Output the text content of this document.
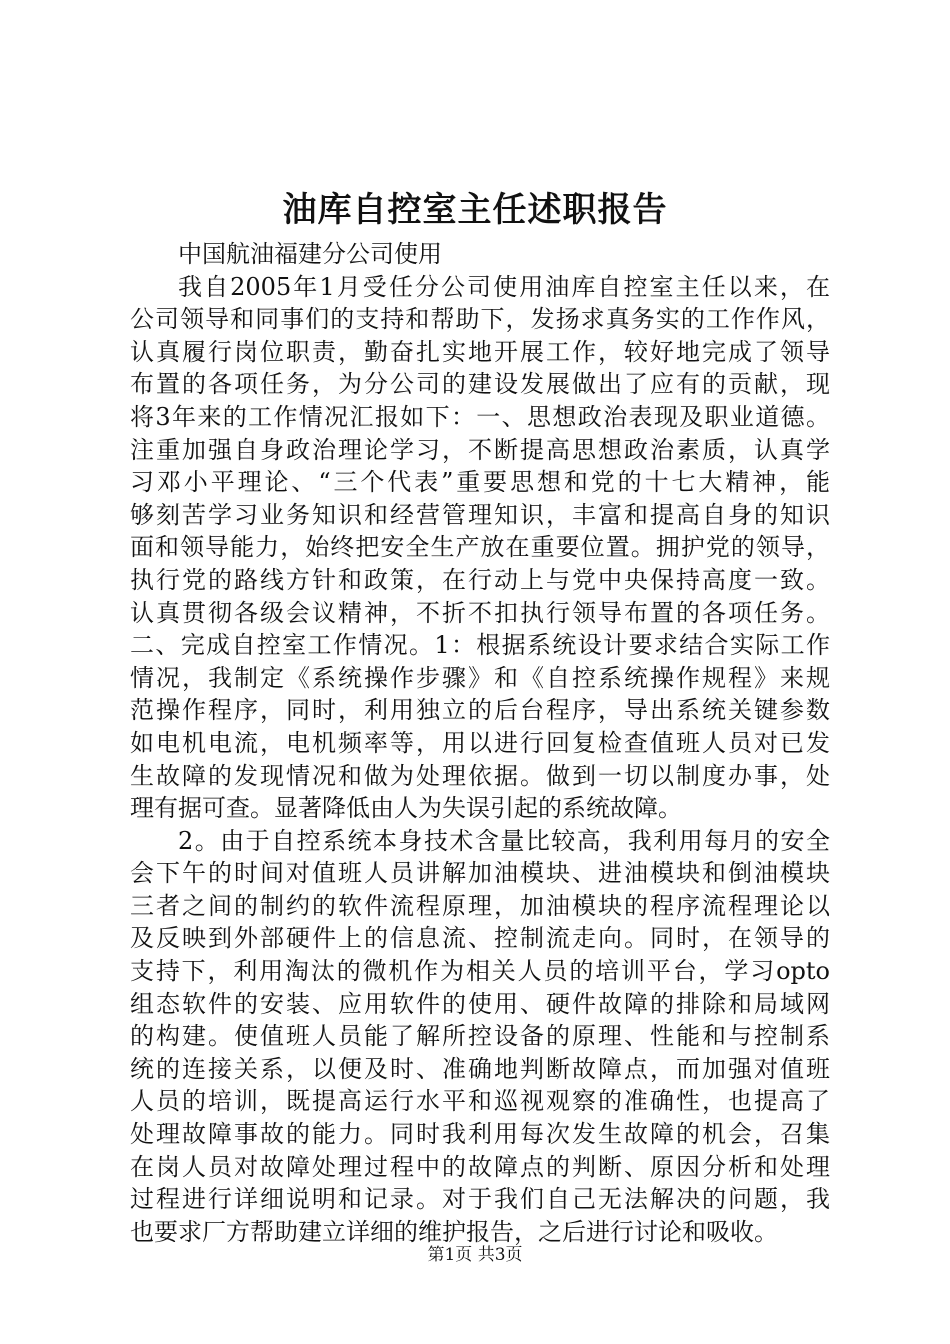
油库自控室主任述职报告
中国航油福建分公司使用
我自2005年1月受任分公司使用油库自控室主任以来，在
公司领导和同事们的支持和帮助下，发扬求真务实的工作作风，
认真履行岗位职责，勤奋扎实地开展工作，较好地完成了领导
布置的各项任务，为分公司的建设发展做出了应有的贡献，现
将3年来的工作情况汇报如下：一、思想政治表现及职业道德。
注重加强自身政治理论学习，不断提高思想政治素质，认真学
习邓小平理论、“三个代表”重要思想和党的十七大精神，能
够刻苦学习业务知识和经营管理知识，丰富和提高自身的知识
面和领导能力，始终把安全生产放在重要位置。拥护党的领导，
执行党的路线方针和政策，在行动上与党中央保持高度一致。
认真贯彻各级会议精神，不折不扣执行领导布置的各项任务。
二、完成自控室工作情况。1：根据系统设计要求结合实际工作
情况，我制定《系统操作步骤》和《自控系统操作规程》来规
范操作程序，同时，利用独立的后台程序，导出系统关键参数
如电机电流，电机频率等，用以进行回复检查值班人员对已发
生故障的发现情况和做为处理依据。做到一切以制度办事，处
理有据可查。显著降低由人为失误引起的系统故障。
2。由于自控系统本身技术含量比较高，我利用每月的安全
会下午的时间对值班人员讲解加油模块、进油模块和倒油模块
三者之间的制约的软件流程原理，加油模块的程序流程理论以
及反映到外部硬件上的信息流、控制流走向。同时，在领导的
支持下，利用淘汰的微机作为相关人员的培训平台，学习opto
组态软件的安装、应用软件的使用、硬件故障的排除和局域网
的构建。使值班人员能了解所控设备的原理、性能和与控制系
统的连接关系，以便及时、准确地判断故障点，而加强对值班
人员的培训，既提高运行水平和巡视观察的准确性，也提高了
处理故障事故的能力。同时我利用每次发生故障的机会，召集
在岗人员对故障处理过程中的故障点的判断、原因分析和处理
过程进行详细说明和记录。对于我们自己无法解决的问题，我
也要求厂方帮助建立详细的维护报告，之后进行讨论和吸收。
第1页 共3页
